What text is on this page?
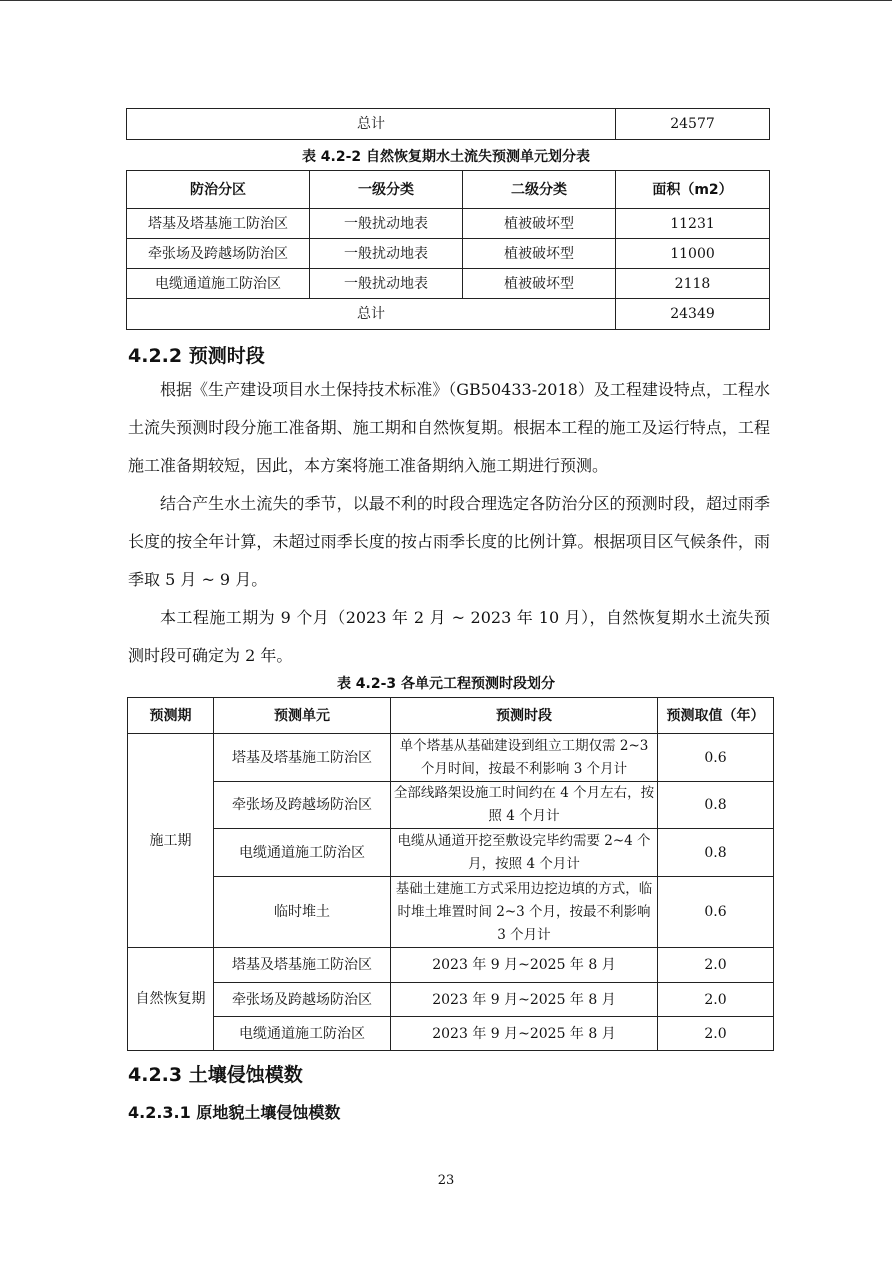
总计	24577
表 4.2-2 自然恢复期水土流失预测单元划分表
防治分区	一级分类	二级分类	面积（m2）
塔基及塔基施工防治区	一般扰动地表	植被破坏型	11231
牵张场及跨越场防治区	一般扰动地表	植被破坏型	11000
电缆通道施工防治区	一般扰动地表	植被破坏型	2118
总计			24349
4.2.2 预测时段

根据《生产建设项目水土保持技术标准》（GB50433-2018）及工程建设特点，工程水土流失预测时段分施工准备期、施工期和自然恢复期。根据本工程的施工及运行特点，工程施工准备期较短，因此，本方案将施工准备期纳入施工期进行预测。

结合产生水土流失的季节，以最不利的时段合理选定各防治分区的预测时段，超过雨季长度的按全年计算，未超过雨季长度的按占雨季长度的比例计算。根据项目区气候条件，雨季取 5 月 ~ 9 月。

本工程施工期为 9 个月（2023 年 2 月 ~ 2023 年 10 月），自然恢复期水土流失预测时段可确定为 2 年。

表 4.2-3 各单元工程预测时段划分
预测期	预测单元	预测时段	预测取值（年）
施工期	塔基及塔基施工防治区	单个塔基从基础建设到组立工期仅需 2~3 个月时间，按最不利影响 3 个月计	0.6
	牵张场及跨越场防治区	全部线路架设施工时间约在 4 个月左右，按照 4 个月计	0.8
	电缆通道施工防治区	电缆从通道开挖至敷设完毕约需要 2~4 个月，按照 4 个月计	0.8
	临时堆土	基础土建施工方式采用边挖边填的方式，临时堆土堆置时间 2~3 个月，按最不利影响 3 个月计	0.6
自然恢复期	塔基及塔基施工防治区	2023 年 9 月~2025 年 8 月	2.0
	牵张场及跨越场防治区	2023 年 9 月~2025 年 8 月	2.0
	电缆通道施工防治区	2023 年 9 月~2025 年 8 月	2.0
4.2.3 土壤侵蚀模数
4.2.3.1 原地貌土壤侵蚀模数
23
